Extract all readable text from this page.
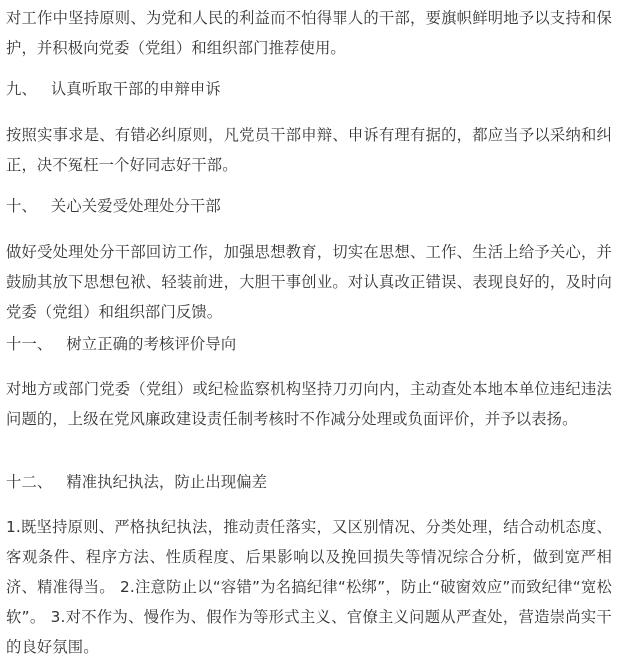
对工作中坚持原则、为党和人民的利益而不怕得罪人的干部，要旗帜鲜明地予以支持和保护，并积极向党委（党组）和组织部门推荐使用。

九、 认真听取干部的申辩申诉

按照实事求是、有错必纠原则，凡党员干部申辩、申诉有理有据的，都应当予以采纳和纠正，决不冤枉一个好同志好干部。

十、 关心关爱受处理处分干部

做好受处理处分干部回访工作，加强思想教育，切实在思想、工作、生活上给予关心，并鼓励其放下思想包袱、轻装前进，大胆干事创业。对认真改正错误、表现良好的，及时向党委（党组）和组织部门反馈。

十一、 树立正确的考核评价导向

对地方或部门党委（党组）或纪检监察机构坚持刀刃向内，主动查处本地本单位违纪违法问题的，上级在党风廉政建设责任制考核时不作减分处理或负面评价，并予以表扬。

十二、 精准执纪执法，防止出现偏差

1.既坚持原则、严格执纪执法，推动责任落实，又区别情况、分类处理，结合动机态度、客观条件、程序方法、性质程度、后果影响以及挽回损失等情况综合分析，做到宽严相济、精准得当。 2.注意防止以“容错”为名搞纪律“松绑”，防止“破窗效应”而致纪律“宽松软”。 3.对不作为、慢作为、假作为等形式主义、官僚主义问题从严查处，营造崇尚实干的良好氛围。
